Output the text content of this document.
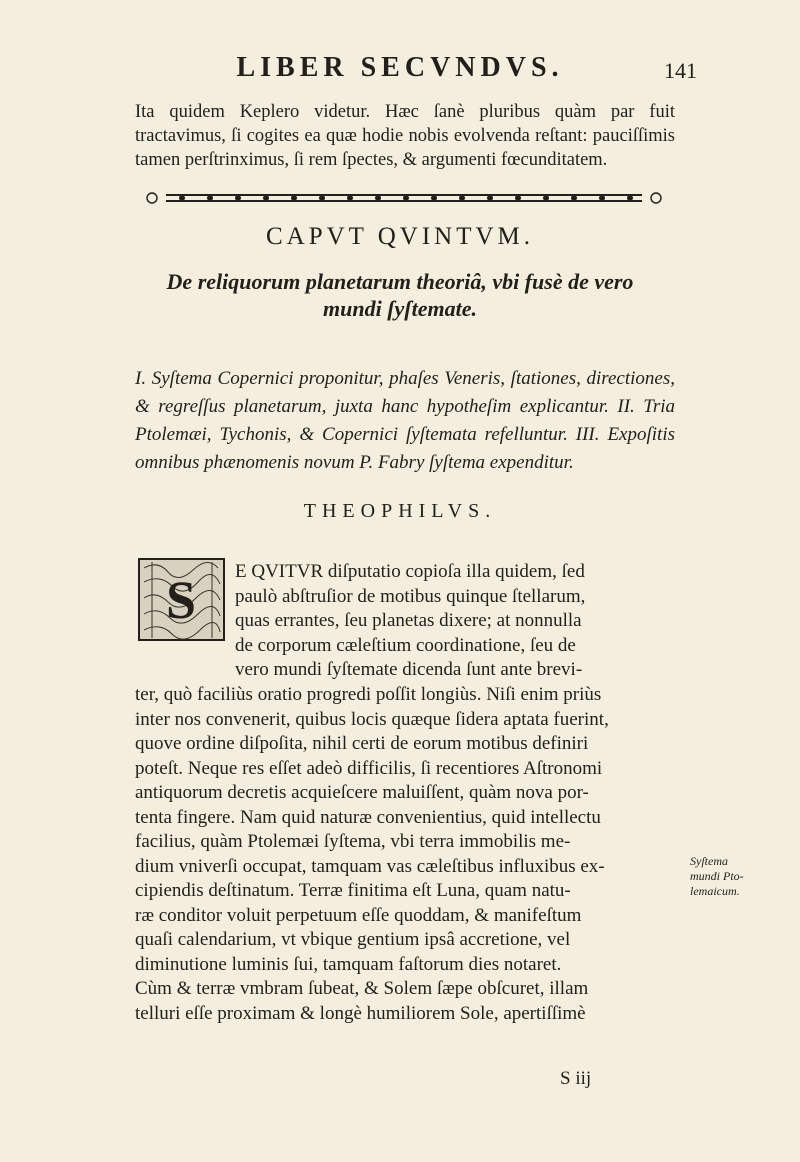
LIBER SECVNDVS.	141

Ita quidem Keplero videtur. Hæc ſanè pluribus quàm par fuit tractavimus, ſi cogites ea quæ hodie nobis evolvenda reſtant: pauciſſimis tamen perſtrinximus, ſi rem ſpectes, & argumenti fœcunditatem.

CAPVT QVINTVM.
De reliquorum planetarum theoriâ, vbi fusè de vero
mundi ſyſtemate.
I. Syſtema Copernici proponitur, phaſes Veneris, ſtationes, directiones, & regreſſus planetarum, juxta hanc hypotheſim explicantur. II. Tria Ptolemæi, Tychonis, & Copernici ſyſtemata refelluntur. III. Expoſitis omnibus phænomenis novum P. Fabry ſyſtema expenditur.
THEOPHILVS.
S E QVITVR diſputatio copioſa illa quidem, ſed
paulò abſtruſior de motibus quinque ſtellarum,
quas errantes, ſeu planetas dixere; at nonnulla
de corporum cæleſtium coordinatione, ſeu de
vero mundi ſyſtemate dicenda ſunt ante brevi-
ter, quò faciliùs oratio progredi poſſit longiùs. Niſi enim priùs
inter nos convenerit, quibus locis quæque ſidera aptata fuerint,
quove ordine diſpoſita, nihil certi de eorum motibus definiri
poteſt. Neque res eſſet adeò difficilis, ſi recentiores Aſtronomi
antiquorum decretis acquieſcere maluiſſent, quàm nova por-
tenta fingere. Nam quid naturæ convenientius, quid intellectu
facilius, quàm Ptolemæi ſyſtema, vbi terra immobilis me-
dium vniverſi occupat, tamquam vas cæleſtibus influxibus ex-
cipiendis deſtinatum. Terræ finitima eſt Luna, quam natu-
ræ conditor voluit perpetuum eſſe quoddam, & manifeſtum
quaſi calendarium, vt vbique gentium ipsâ accretione, vel
diminutione luminis ſui, tamquam faſtorum dies notaret.
Cùm & terræ vmbram ſubeat, & Solem ſæpe obſcuret, illam
telluri eſſe proximam & longè humiliorem Sole, apertiſſimè
Syſtema
mundi Pto-
lemaicum.
S iij
